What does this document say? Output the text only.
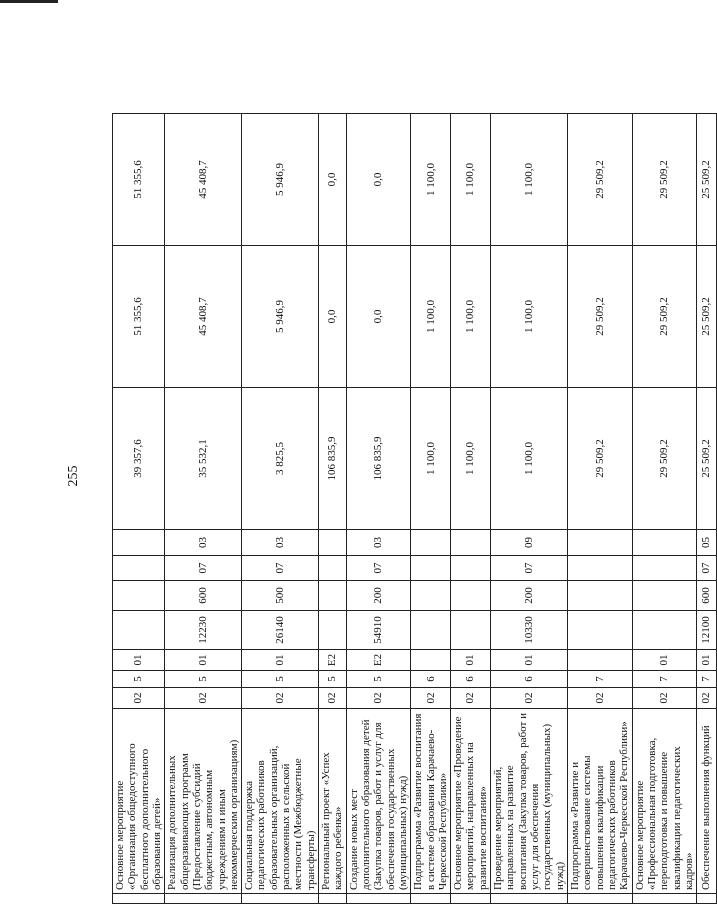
255
	Основное мероприятие «Организация общедоступного бесплатного дополнительного образования детей»	02	5	01					39 357,6	51 355,6	51 355,6
	Реализация дополнительных общеразвивающих программ (Предоставление субсидий бюджетным, автономным учреждениям и иным некоммерческим организациям)	02	5	01	12230	600	07	03	35 532,1	45 408,7	45 408,7
	Социальная поддержка педагогических работников образовательных организаций, расположенных в сельской местности (Межбюджетные трансферты)	02	5	01	26140	500	07	03	3 825,5	5 946,9	5 946,9
	Региональный проект «Успех каждого ребенка»	02	5	E2					106 835,9	0,0	0,0
	Создание новых мест дополнительного образования детей (Закупка товаров, работ и услуг для обеспечения государственных (муниципальных) нужд)	02	5	E2	54910	200	07	03	106 835,9	0,0	0,0
	Подпрограмма «Развитие воспитания в системе образования Карачаево-Черкесской Республики»	02	6						1 100,0	1 100,0	1 100,0
	Основное мероприятие «Проведение мероприятий, направленных на развитие воспитания»	02	6	01					1 100,0	1 100,0	1 100,0
	Проведение мероприятий, направленных на развитие воспитания (Закупка товаров, работ и услуг для обеспечения государственных (муниципальных) нужд)	02	6	01	10330	200	07	09	1 100,0	1 100,0	1 100,0
	Подпрограмма «Развитие и совершенствование системы повышения квалификации педагогических работников Карачаево-Черкесской Республики»	02	7						29 509,2	29 509,2	29 509,2
	Основное мероприятие «Профессиональная подготовка, переподготовка и повышение квалификации педагогических кадров»	02	7	01					29 509,2	29 509,2	29 509,2
	Обеспечение выполнения функций	02	7	01	12100	600	07	05	25 509,2	25 509,2	25 509,2
